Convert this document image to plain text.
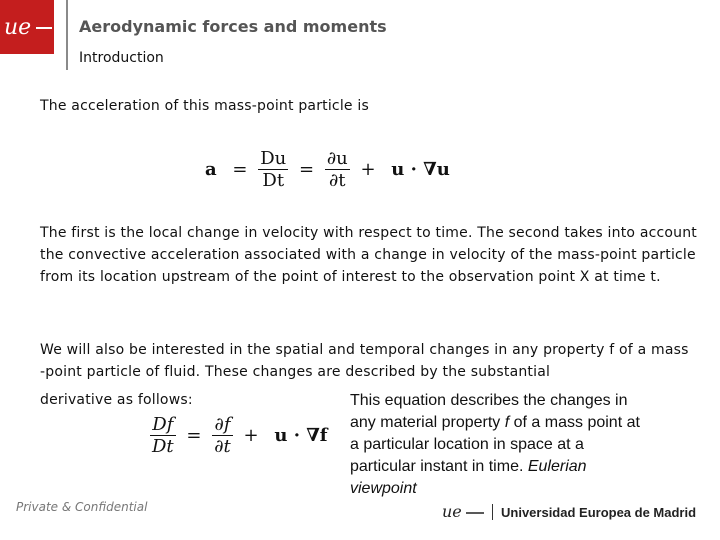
ue	Aerodynamic forces and moments
Introduction
The acceleration of this mass-point particle is
$a = \frac{Du}{Dt} = \frac{\partial u}{\partial t} + u \cdot \nabla u$
The first is the local change in velocity with respect to time. The second takes into account the convective acceleration associated with a change in velocity of the mass-point particle from its location upstream of the point of interest to the observation point X at time t.
We will also be interested in the spatial and temporal changes in any property f of a mass
-point particle of fluid. These changes are described by the substantial
derivative as follows:
$\frac{Df}{Dt} = \frac{\partial f}{\partial t} + u \cdot \nabla f$
This equation describes the changes in any material property f of a mass point at a particular location in space at a particular instant in time. Eulerian viewpoint
Private & Confidential	ue	Universidad Europea de Madrid
